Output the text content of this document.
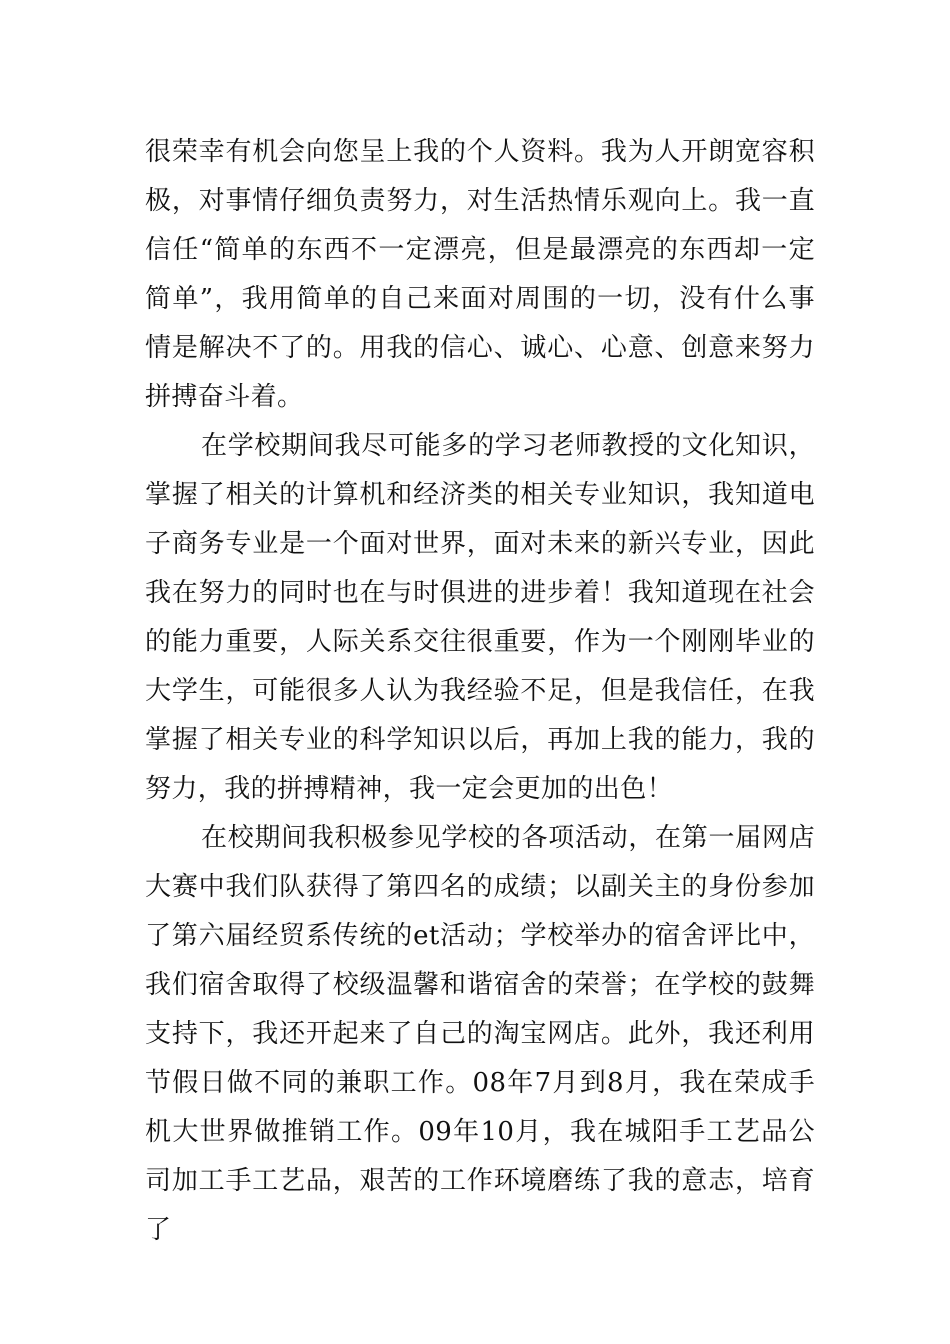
很荣幸有机会向您呈上我的个人资料。我为人开朗宽容积极，对事情仔细负责努力，对生活热情乐观向上。我一直信任“简单的东西不一定漂亮，但是最漂亮的东西却一定简单”，我用简单的自己来面对周围的一切，没有什么事情是解决不了的。用我的信心、诚心、心意、创意来努力拼搏奋斗着。

在学校期间我尽可能多的学习老师教授的文化知识，掌握了相关的计算机和经济类的相关专业知识，我知道电子商务专业是一个面对世界，面对未来的新兴专业，因此我在努力的同时也在与时俱进的进步着！我知道现在社会的能力重要，人际关系交往很重要，作为一个刚刚毕业的大学生，可能很多人认为我经验不足，但是我信任，在我掌握了相关专业的科学知识以后，再加上我的能力，我的努力，我的拼搏精神，我一定会更加的出色！

在校期间我积极参见学校的各项活动，在第一届网店大赛中我们队获得了第四名的成绩；以副关主的身份参加了第六届经贸系传统的et活动；学校举办的宿舍评比中，我们宿舍取得了校级温馨和谐宿舍的荣誉；在学校的鼓舞支持下，我还开起来了自己的淘宝网店。此外，我还利用节假日做不同的兼职工作。08年7月到8月，我在荣成手机大世界做推销工作。09年10月，我在城阳手工艺品公司加工手工艺品，艰苦的工作环境磨练了我的意志，培育了
